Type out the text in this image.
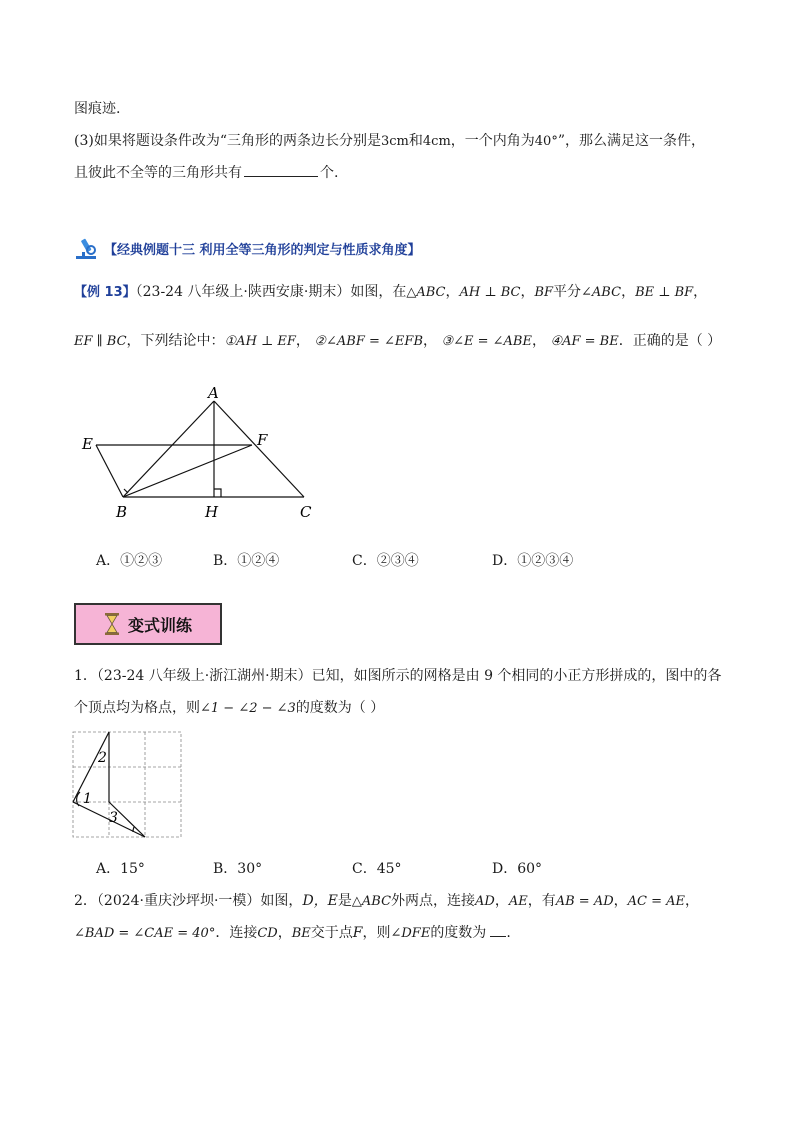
图痕迹.
(3)如果将题设条件改为“三角形的两条边长分别是3cm和4cm，一个内角为40°”，那么满足这一条件，
且彼此不全等的三角形共有	个.
【经典例题十三 利用全等三角形的判定与性质求角度】
【例 13】（23-24 八年级上·陕西安康·期末）如图，在△ABC，AH ⊥ BC，BF平分∠ABC，BE ⊥ BF，
EF ∥ BC，下列结论中：①AH ⊥ EF， ②∠ABF = ∠EFB， ③∠E = ∠ABE， ④AF = BE．正确的是（ ）
A
E	F
B	H	C
A．①②③	B．①②④	C．②③④	D．①②③④
变式训练
1．（23-24 八年级上·浙江湖州·期末）已知，如图所示的网格是由 9 个相同的小正方形拼成的，图中的各
个顶点均为格点，则∠1 − ∠2 − ∠3的度数为（ ）
1
2
3
A．15°	B．30°	C．45°	D．60°
2．（2024·重庆沙坪坝·一模）如图，D，E是△ABC外两点，连接AD，AE，有AB = AD，AC = AE，
∠BAD = ∠CAE = 40°．连接CD，BE交于点F，则∠DFE的度数为 .
